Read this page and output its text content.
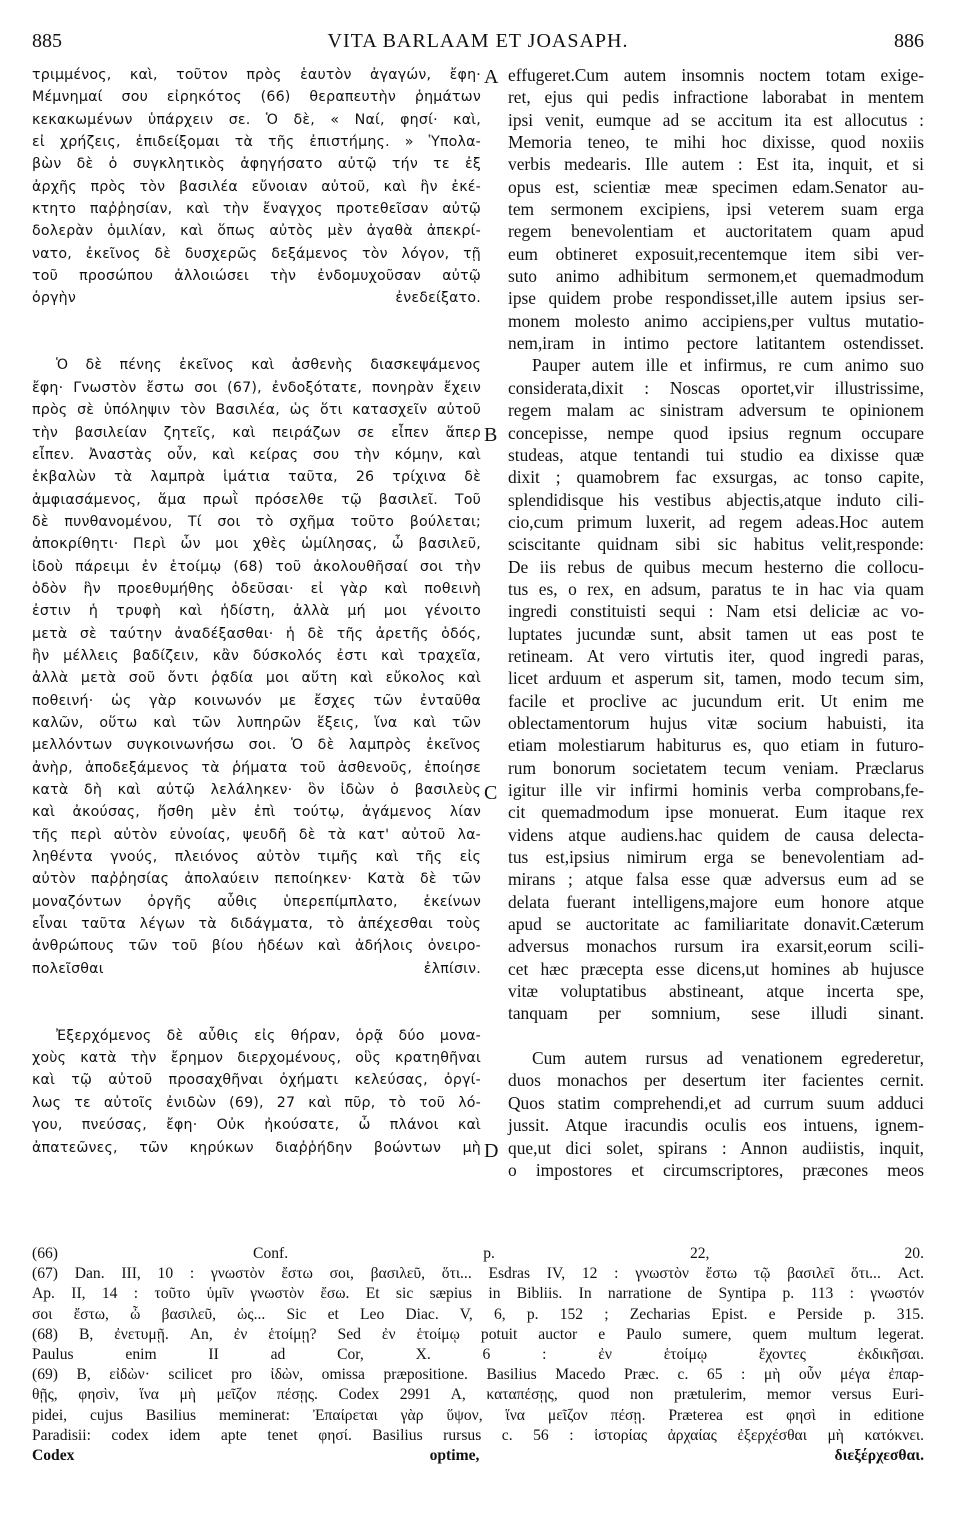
885	VITA BARLAAM ET JOASAPH.	886
A
B
C
D
τριμμένος, καὶ, τοῦτον πρὸς ἑαυτὸν ἀγαγών, ἔφη·
Μέμνημαί σου εἰρηκότος (66) θεραπευτὴν ῥημάτων
κεκακωμένων ὑπάρχειν σε. Ὁ δὲ, « Ναί, φησί· καὶ,
εἰ χρήζεις, ἐπιδείξομαι τὰ τῆς ἐπιστήμης. » Ὑπολα-
βὼν δὲ ὁ συγκλητικὸς ἀφηγήσατο αὐτῷ τήν τε ἐξ
ἀρχῆς πρὸς τὸν βασιλέα εὔνοιαν αὐτοῦ, καὶ ἣν ἐκέ-
κτητο παῤῥησίαν, καὶ τὴν ἔναγχος προτεθεῖσαν αὐτῷ
δολερὰν ὁμιλίαν, καὶ ὅπως αὐτὸς μὲν ἀγαθὰ ἀπεκρί-
νατο, ἐκεῖνος δὲ δυσχερῶς δεξάμενος τὸν λόγον, τῇ
τοῦ προσώπου ἀλλοιώσει τὴν ἐνδομυχοῦσαν αὐτῷ
ὀργὴν ἐνεδείξατο.
Ὁ δὲ πένης ἐκεῖνος καὶ ἀσθενὴς διασκεψάμενος
ἔφη· Γνωστὸν ἔστω σοι (67), ἐνδοξότατε, πονηρὰν ἔχειν
πρὸς σὲ ὑπόληψιν τὸν Βασιλέα, ὡς ὅτι κατασχεῖν αὐτοῦ
τὴν βασιλείαν ζητεῖς, καὶ πειράζων σε εἶπεν ἅπερ
εἶπεν. Ἀναστὰς οὖν, καὶ κείρας σου τὴν κόμην, καὶ
ἐκβαλὼν τὰ λαμπρὰ ἱμάτια ταῦτα, 26 τρίχινα δὲ
ἀμφιασάμενος, ἅμα πρωῒ πρόσελθε τῷ βασιλεῖ. Τοῦ
δὲ πυνθανομένου, Τί σοι τὸ σχῆμα τοῦτο βούλεται;
ἀποκρίθητι· Περὶ ὧν μοι χθὲς ὡμίλησας, ὦ βασιλεῦ,
ἰδοὺ πάρειμι ἐν ἑτοίμῳ (68) τοῦ ἀκολουθῆσαί σοι τὴν
ὁδὸν ἣν προεθυμήθης ὁδεῦσαι· εἰ γὰρ καὶ ποθεινὴ
ἐστιν ἡ τρυφὴ καὶ ἡδίστη, ἀλλὰ μή μοι γένοιτο
μετὰ σὲ ταύτην ἀναδέξασθαι· ἡ δὲ τῆς ἀρετῆς ὁδός,
ἣν μέλλεις βαδίζειν, κἂν δύσκολός ἐστι καὶ τραχεῖα,
ἀλλὰ μετὰ σοῦ ὄντι ῥᾳδία μοι αὕτη καὶ εὔκολος καὶ
ποθεινή· ὡς γὰρ κοινωνόν με ἔσχες τῶν ἐνταῦθα
καλῶν, οὕτω καὶ τῶν λυπηρῶν ἕξεις, ἵνα καὶ τῶν
μελλόντων συγκοινωνήσω σοι. Ὁ δὲ λαμπρὸς ἐκεῖνος
ἀνὴρ, ἀποδεξάμενος τὰ ῥήματα τοῦ ἀσθενοῦς, ἐποίησε
κατὰ δὴ καὶ αὐτῷ λελάληκεν· ὃν ἰδὼν ὁ βασιλεὺς
καὶ ἀκούσας, ἥσθη μὲν ἐπὶ τούτῳ, ἀγάμενος λίαν
τῆς περὶ αὐτὸν εὐνοίας, ψευδῆ δὲ τὰ κατ' αὐτοῦ λα-
ληθέντα γνούς, πλειόνος αὐτὸν τιμῆς καὶ τῆς εἰς
αὐτὸν παῤῥησίας ἀπολαύειν πεποίηκεν· Κατὰ δὲ τῶν
μοναζόντων ὀργῆς αὖθις ὑπερεπίμπλατο, ἐκείνων
εἶναι ταῦτα λέγων τὰ διδάγματα, τὸ ἀπέχεσθαι τοὺς
ἀνθρώπους τῶν τοῦ βίου ἡδέων καὶ ἀδήλοις ὀνειρο-
πολεῖσθαι ἐλπίσιν.
Ἐξερχόμενος δὲ αὖθις εἰς θήραν, ὁρᾷ δύο μονα-
χοὺς κατὰ τὴν ἔρημον διερχομένους, οὓς κρατηθῆναι
καὶ τῷ αὐτοῦ προσαχθῆναι ὀχήματι κελεύσας, ὀργί-
λως τε αὐτοῖς ἐνιδὼν (69), 27 καὶ πῦρ, τὸ τοῦ λό-
γου, πνεύσας, ἔφη· Οὐκ ἠκούσατε, ὦ πλάνοι καὶ
ἀπατεῶνες, τῶν κηρύκων διαῤῥήδην βοώντων μὴ
effugeret.Cum autem insomnis noctem totam exige-
ret, ejus qui pedis infractione laborabat in mentem
ipsi venit, eumque ad se accitum ita est allocutus :
Memoria teneo, te mihi hoc dixisse, quod noxiis
verbis medearis. Ille autem : Est ita, inquit, et si
opus est, scientiæ meæ specimen edam.Senator au-
tem sermonem excipiens, ipsi veterem suam erga
regem benevolentiam et auctoritatem quam apud
eum obtineret exposuit,recentemque item sibi ver-
suto animo adhibitum sermonem,et quemadmodum
ipse quidem probe respondisset,ille autem ipsius ser-
monem molesto animo accipiens,per vultus mutatio-
nem,iram in intimo pectore latitantem ostendisset.
Pauper autem ille et infirmus, re cum animo suo
considerata,dixit : Noscas oportet,vir illustrissime,
regem malam ac sinistram adversum te opinionem
concepisse, nempe quod ipsius regnum occupare
studeas, atque tentandi tui studio ea dixisse quæ
dixit ; quamobrem fac exsurgas, ac tonso capite,
splendidisque his vestibus abjectis,atque induto cili-
cio,cum primum luxerit, ad regem adeas.Hoc autem
sciscitante quidnam sibi sic habitus velit,responde:
De iis rebus de quibus mecum hesterno die collocu-
tus es, o rex, en adsum, paratus te in hac via quam
ingredi constituisti sequi : Nam etsi deliciæ ac vo-
luptates jucundæ sunt, absit tamen ut eas post te
retineam. At vero virtutis iter, quod ingredi paras,
licet arduum et asperum sit, tamen, modo tecum sim,
facile et proclive ac jucundum erit. Ut enim me
oblectamentorum hujus vitæ socium habuisti, ita
etiam molestiarum habiturus es, quo etiam in futuro-
rum bonorum societatem tecum veniam. Præclarus
igitur ille vir infirmi hominis verba comprobans,fe-
cit quemadmodum ipse monuerat. Eum itaque rex
videns atque audiens.hac quidem de causa delecta-
tus est,ipsius nimirum erga se benevolentiam ad-
mirans ; atque falsa esse quæ adversus eum ad se
delata fuerant intelligens,majore eum honore atque
apud se auctoritate ac familiaritate donavit.Cæterum
adversus monachos rursum ira exarsit,eorum scili-
cet hæc præcepta esse dicens,ut homines ab hujusce
vitæ voluptatibus abstineant, atque incerta spe,
tanquam per somnium, sese illudi sinant.
Cum autem rursus ad venationem egrederetur,
duos monachos per desertum iter facientes cernit.
Quos statim comprehendi,et ad currum suum adduci
jussit. Atque iracundis oculis eos intuens, ignem-
que,ut dici solet, spirans : Annon audiistis, inquit,
o impostores et circumscriptores, præcones meos
(66) Conf. p. 22, 20.
(67) Dan. III, 10 : γνωστὸν ἔστω σοι, βασιλεῦ, ὅτι... Esdras IV, 12 : γνωστὸν ἔστω τῷ βασιλεῖ ὅτι... Act.
Ap. II, 14 : τοῦτο ὑμῖν γνωστὸν ἔσω. Et sic sæpius in Bibliis. In narratione de Syntipa p. 113 : γνωστόν
σοι ἔστω, ὦ βασιλεῦ, ὡς... Sic et Leo Diac. V, 6, p. 152 ; Zecharias Epist. e Perside p. 315.
(68) B, ἐνετυμῇ. An, ἐν ἑτοίμῃ? Sed ἐν ἑτοίμῳ potuit auctor e Paulo sumere, quem multum legerat.
Paulus enim II ad Cor, X. 6 : ἐν ἑτοίμῳ ἔχοντες ἐκδικῆσαι.
(69) B, εἰδὼν· scilicet pro ἰδὼν, omissa præpositione. Basilius Macedo Præc. c. 65 : μὴ οὖν μέγα ἐπαρ-
θῇς, φησὶν, ἵνα μὴ μεῖζον πέσῃς. Codex 2991 A, καταπέσῃς, quod non prætulerim, memor versus Euri-
pidei, cujus Basilius meminerat: Ἐπαίρεται γὰρ ὕψον, ἵνα μεῖζον πέσῃ. Præterea est φησὶ in editione
Paradisii: codex idem apte tenet φησί. Basilius rursus c. 56 : ἱστορίας ἀρχαίας ἐξερχέσθαι μὴ κατόκνει.
Codex optime, διεξέρχεσθαι.
